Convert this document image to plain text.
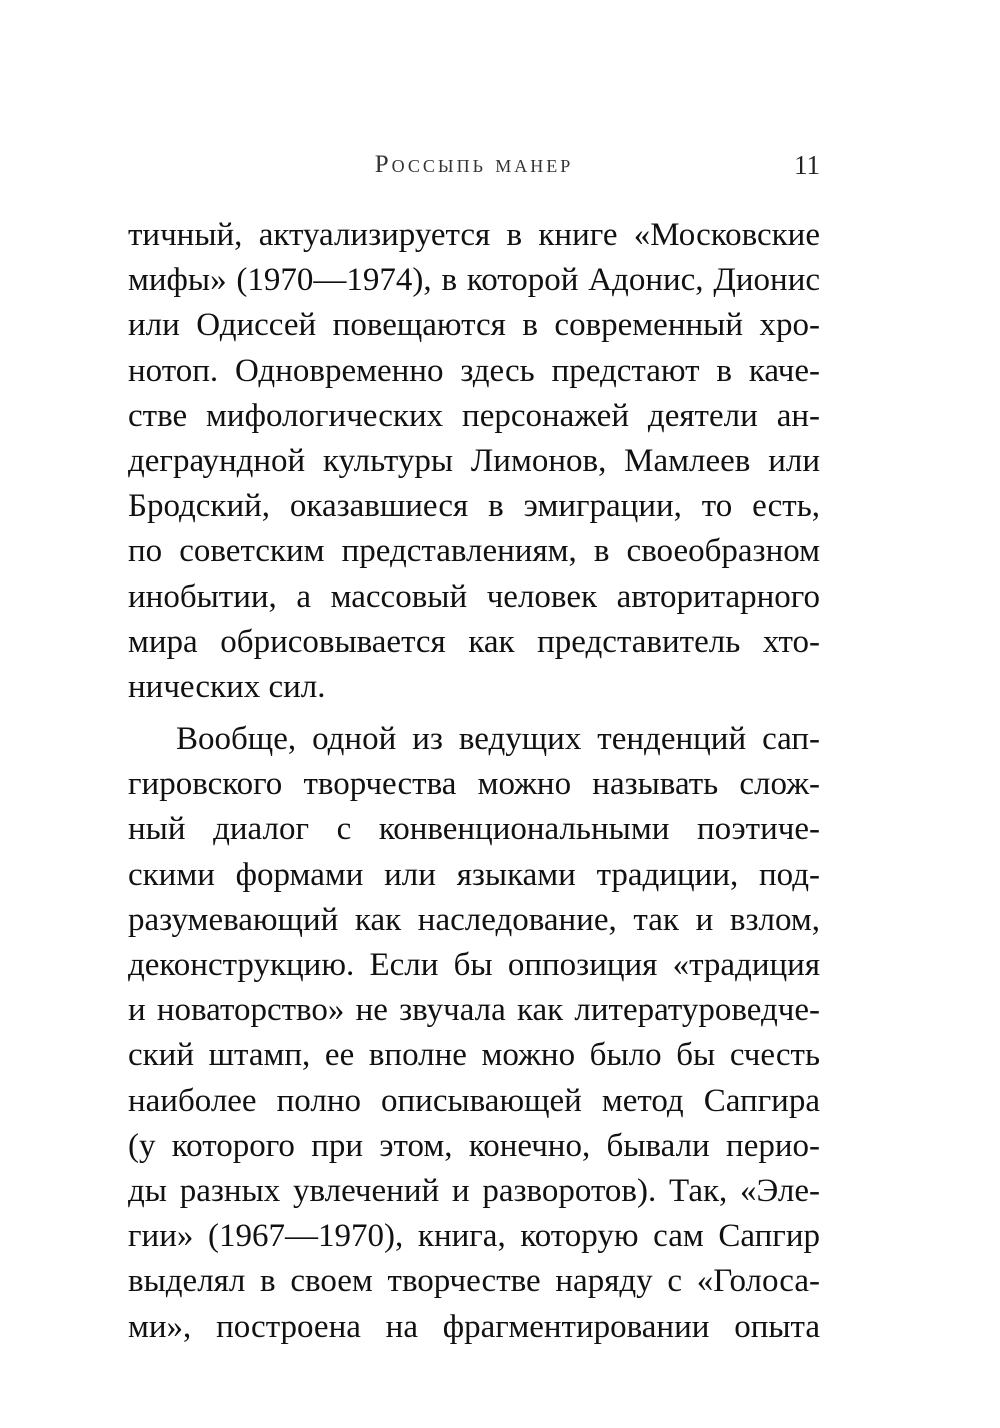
Россыпь манер	11
тичный, актуализируется в книге «Московские
мифы» (1970—1974), в которой Адонис, Дионис
или Одиссей повещаются в современный хро-
нотоп. Одновременно здесь предстают в каче-
стве мифологических персонажей деятели ан-
деграундной культуры Лимонов, Мамлеев или
Бродский, оказавшиеся в эмиграции, то есть,
по советским представлениям, в своеобразном
инобытии, а массовый человек авторитарного
мира обрисовывается как представитель хто-
нических сил.
Вообще, одной из ведущих тенденций сап-
гировского творчества можно называть слож-
ный диалог с конвенциональными поэтиче-
скими формами или языками традиции, под-
разумевающий как наследование, так и взлом,
деконструкцию. Если бы оппозиция «традиция
и новаторство» не звучала как литературоведче-
ский штамп, ее вполне можно было бы счесть
наиболее полно описывающей метод Сапгира
(у которого при этом, конечно, бывали перио-
ды разных увлечений и разворотов). Так, «Эле-
гии» (1967—1970), книга, которую сам Сапгир
выделял в своем творчестве наряду с «Голоса-
ми», построена на фрагментировании опыта
